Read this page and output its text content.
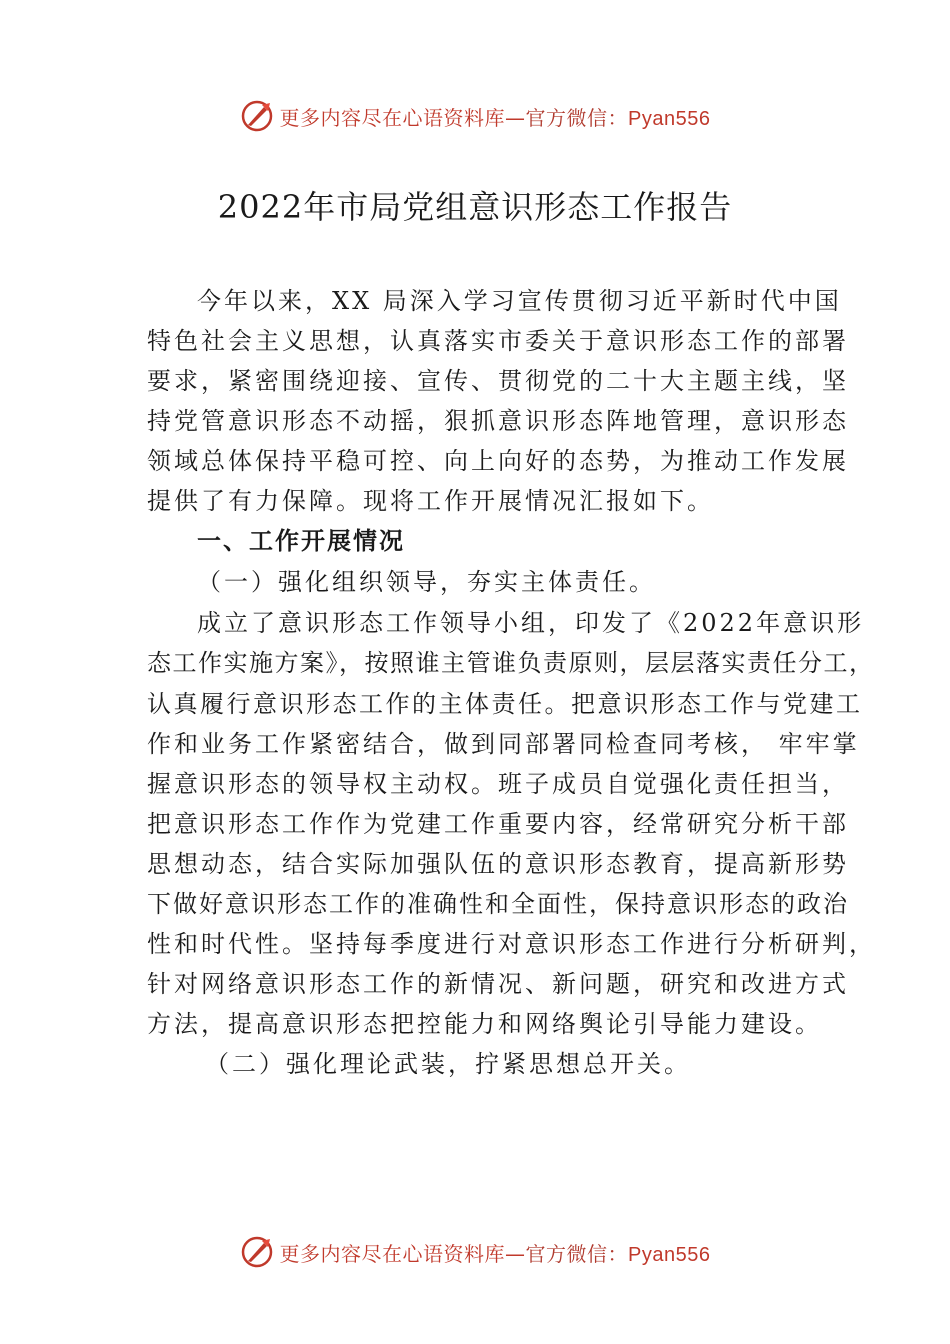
更多内容尽在心语资料库—官方微信：Pyan556
2022年市局党组意识形态工作报告
今年以来，XX 局深入学习宣传贯彻习近平新时代中国
特色社会主义思想，认真落实市委关于意识形态工作的部署
要求，紧密围绕迎接、宣传、贯彻党的二十大主题主线，坚
持党管意识形态不动摇，狠抓意识形态阵地管理，意识形态
领域总体保持平稳可控、向上向好的态势，为推动工作发展
提供了有力保障。现将工作开展情况汇报如下。
一、工作开展情况
（一）强化组织领导，夯实主体责任。
成立了意识形态工作领导小组，印发了《2022年意识形
态工作实施方案》，按照谁主管谁负责原则，层层落实责任分工，
认真履行意识形态工作的主体责任。把意识形态工作与党建工
作和业务工作紧密结合，做到同部署同检查同考核， 牢牢掌
握意识形态的领导权主动权。班子成员自觉强化责任担当，
把意识形态工作作为党建工作重要内容，经常研究分析干部
思想动态，结合实际加强队伍的意识形态教育，提高新形势
下做好意识形态工作的准确性和全面性，保持意识形态的政治
性和时代性。坚持每季度进行对意识形态工作进行分析研判，
针对网络意识形态工作的新情况、新问题，研究和改进方式
方法，提高意识形态把控能力和网络舆论引导能力建设。
（二）强化理论武装，拧紧思想总开关。
更多内容尽在心语资料库—官方微信：Pyan556
